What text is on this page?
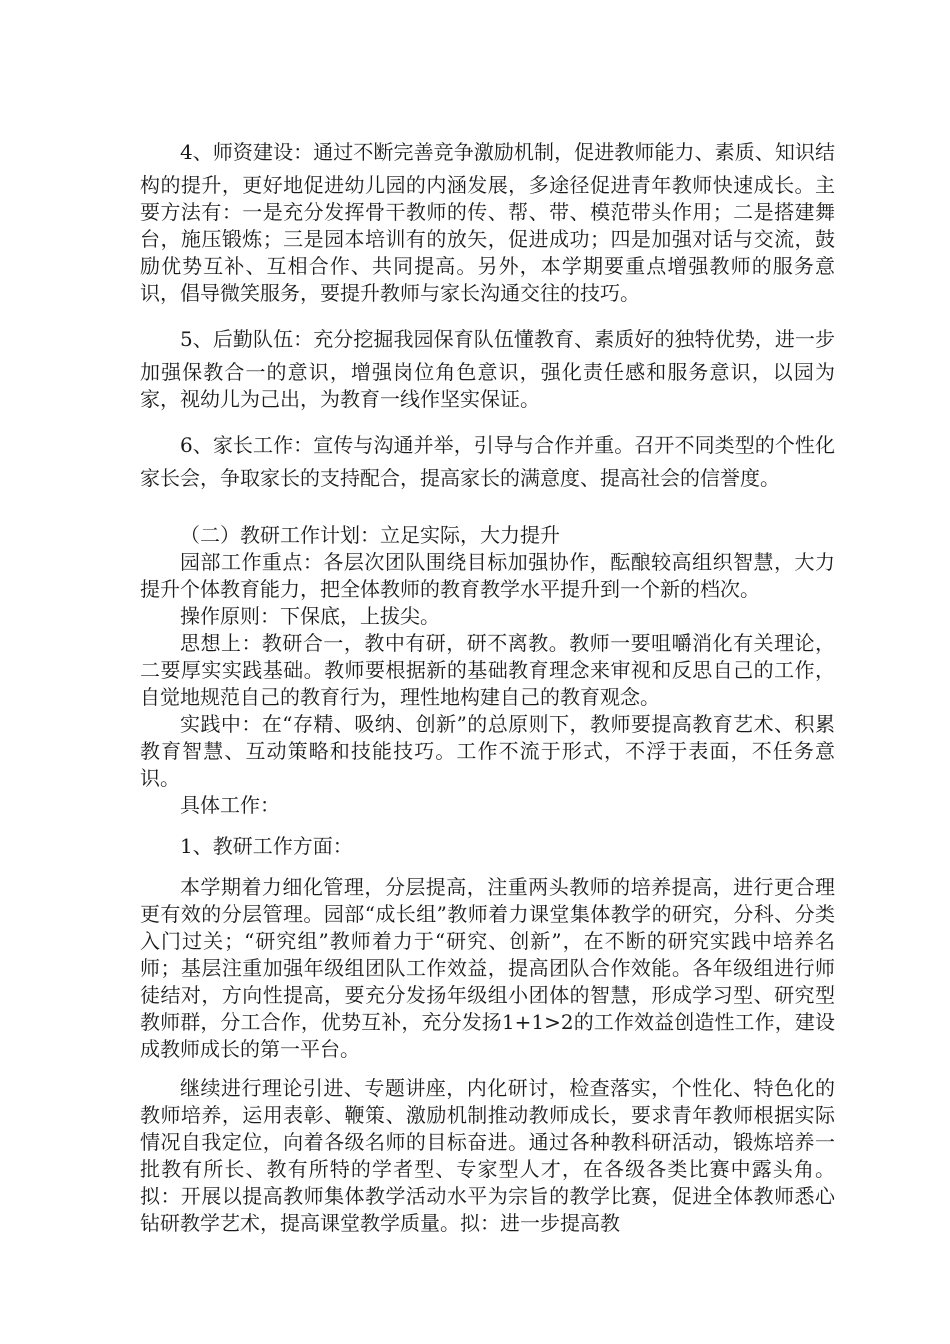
4、师资建设：通过不断完善竞争激励机制，促进教师能力、素质、知识结构的提升，更好地促进幼儿园的内涵发展，多途径促进青年教师快速成长。主要方法有：一是充分发挥骨干教师的传、帮、带、模范带头作用；二是搭建舞台，施压锻炼；三是园本培训有的放矢，促进成功；四是加强对话与交流，鼓励优势互补、互相合作、共同提高。另外，本学期要重点增强教师的服务意识，倡导微笑服务，要提升教师与家长沟通交往的技巧。

5、后勤队伍：充分挖掘我园保育队伍懂教育、素质好的独特优势，进一步加强保教合一的意识，增强岗位角色意识，强化责任感和服务意识，以园为家，视幼儿为己出，为教育一线作坚实保证。

6、家长工作：宣传与沟通并举，引导与合作并重。召开不同类型的个性化家长会，争取家长的支持配合，提高家长的满意度、提高社会的信誉度。

（二）教研工作计划：立足实际，大力提升

园部工作重点：各层次团队围绕目标加强协作，酝酿较高组织智慧，大力提升个体教育能力，把全体教师的教育教学水平提升到一个新的档次。

操作原则：下保底，上拔尖。

思想上：教研合一，教中有研，研不离教。教师一要咀嚼消化有关理论，二要厚实实践基础。教师要根据新的基础教育理念来审视和反思自己的工作，自觉地规范自己的教育行为，理性地构建自己的教育观念。

实践中：在“存精、吸纳、创新”的总原则下，教师要提高教育艺术、积累教育智慧、互动策略和技能技巧。工作不流于形式，不浮于表面，不任务意识。

具体工作：

1、教研工作方面：

本学期着力细化管理，分层提高，注重两头教师的培养提高，进行更合理更有效的分层管理。园部“成长组”教师着力课堂集体教学的研究，分科、分类入门过关；“研究组”教师着力于“研究、创新”，在不断的研究实践中培养名师；基层注重加强年级组团队工作效益，提高团队合作效能。各年级组进行师徒结对，方向性提高，要充分发扬年级组小团体的智慧，形成学习型、研究型教师群，分工合作，优势互补，充分发扬1+1>2的工作效益创造性工作，建设成教师成长的第一平台。

继续进行理论引进、专题讲座，内化研讨，检查落实，个性化、特色化的教师培养，运用表彰、鞭策、激励机制推动教师成长，要求青年教师根据实际情况自我定位，向着各级名师的目标奋进。通过各种教科研活动，锻炼培养一批教有所长、教有所特的学者型、专家型人才，在各级各类比赛中露头角。拟：开展以提高教师集体教学活动水平为宗旨的教学比赛，促进全体教师悉心钻研教学艺术，提高课堂教学质量。拟：进一步提高教
